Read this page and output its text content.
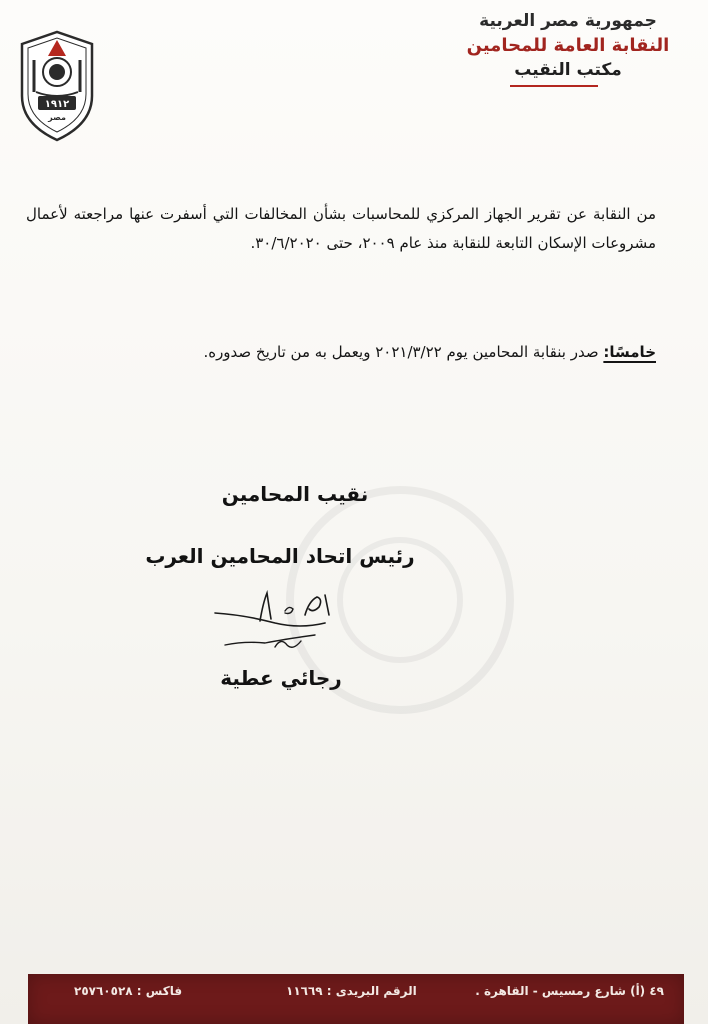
١٩١٢
مصر
جمهورية مصر العربية
النقابة العامة للمحامين
مكتب النقيب

من النقابة عن تقرير الجهاز المركزي للمحاسبات بشأن المخالفات التي أسفرت عنها مراجعته لأعمال مشروعات الإسكان التابعة للنقابة منذ عام ٢٠٠٩، حتى ٣٠/٦/٢٠٢٠.

خامسًا: صدر بنقابة المحامين يوم ٢٠٢١/٣/٢٢ ويعمل به من تاريخ صدوره.
نقيب المحامين
رئيس اتحاد المحامين العرب
رجائي عطية
٤٩ (أ) شارع رمسيس - القاهرة .
الرقم البريدى : ١١٦٦٩
فاكس : ٢٥٧٦٠٥٢٨
